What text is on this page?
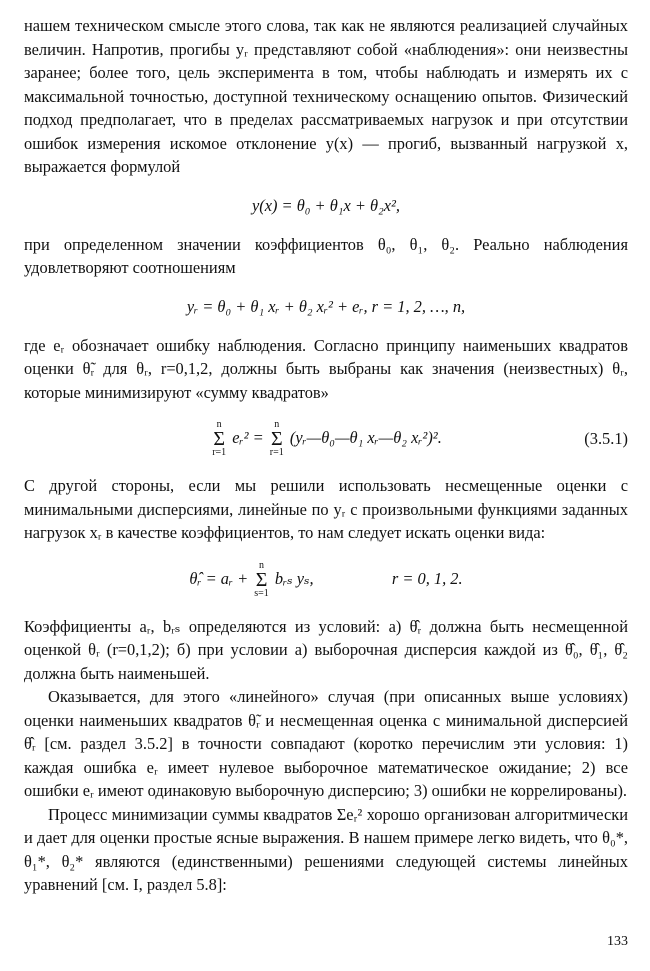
нашем техническом смысле этого слова, так как не являются реализацией случайных величин. Напротив, прогибы yᵣ представляют собой «наблюдения»: они неизвестны заранее; более того, цель эксперимента в том, чтобы наблюдать и измерять их с максимальной точностью, доступной техническому оснащению опытов. Физический подход предполагает, что в пределах рассматриваемых нагрузок и при отсутствии ошибок измерения искомое отклонение y(x) — прогиб, вызванный нагрузкой x, выражается формулой

y(x) = θ₀ + θ₁x + θ₂x²,

при определенном значении коэффициентов θ₀, θ₁, θ₂. Реально наблюдения удовлетворяют соотношениям

yᵣ = θ₀ + θ₁ xᵣ + θ₂ xᵣ² + eᵣ, r = 1, 2, …, n,

где eᵣ обозначает ошибку наблюдения. Согласно принципу наименьших квадратов оценки θ̃ᵣ для θᵣ, r=0,1,2, должны быть выбраны как значения (неизвестных) θᵣ, которые минимизируют «сумму квадратов»

n
Σ
r=1
eᵣ² =
n
Σ
r=1
(yᵣ—θ₀—θ₁ xᵣ—θ₂ xᵣ²)².	(3.5.1)

С другой стороны, если мы решили использовать несмещенные оценки с минимальными дисперсиями, линейные по yᵣ с произвольными функциями заданных нагрузок xᵣ в качестве коэффициентов, то нам следует искать оценки вида:

θ̂ᵣ = aᵣ +
n
Σ
s=1
bᵣₛ yₛ,	r = 0, 1, 2.

Коэффициенты aᵣ, bᵣₛ определяются из условий: а) θ̂ᵣ должна быть несмещенной оценкой θᵣ (r=0,1,2); б) при условии а) выборочная дисперсия каждой из θ̂₀, θ̂₁, θ̂₂ должна быть наименьшей.

Оказывается, для этого «линейного» случая (при описанных выше условиях) оценки наименьших квадратов θ̃ᵣ и несмещенная оценка с минимальной дисперсией θ̂ᵣ [см. раздел 3.5.2] в точности совпадают (коротко перечислим эти условия: 1) каждая ошибка eᵣ имеет нулевое выборочное математическое ожидание; 2) все ошибки eᵣ имеют одинаковую выборочную дисперсию; 3) ошибки не коррелированы).

Процесс минимизации суммы квадратов Σeᵣ² хорошо организован алгоритмически и дает для оценки простые ясные выражения. В нашем примере легко видеть, что θ₀*, θ₁*, θ₂* являются (единственными) решениями следующей системы линейных уравнений [см. I, раздел 5.8]:

133
